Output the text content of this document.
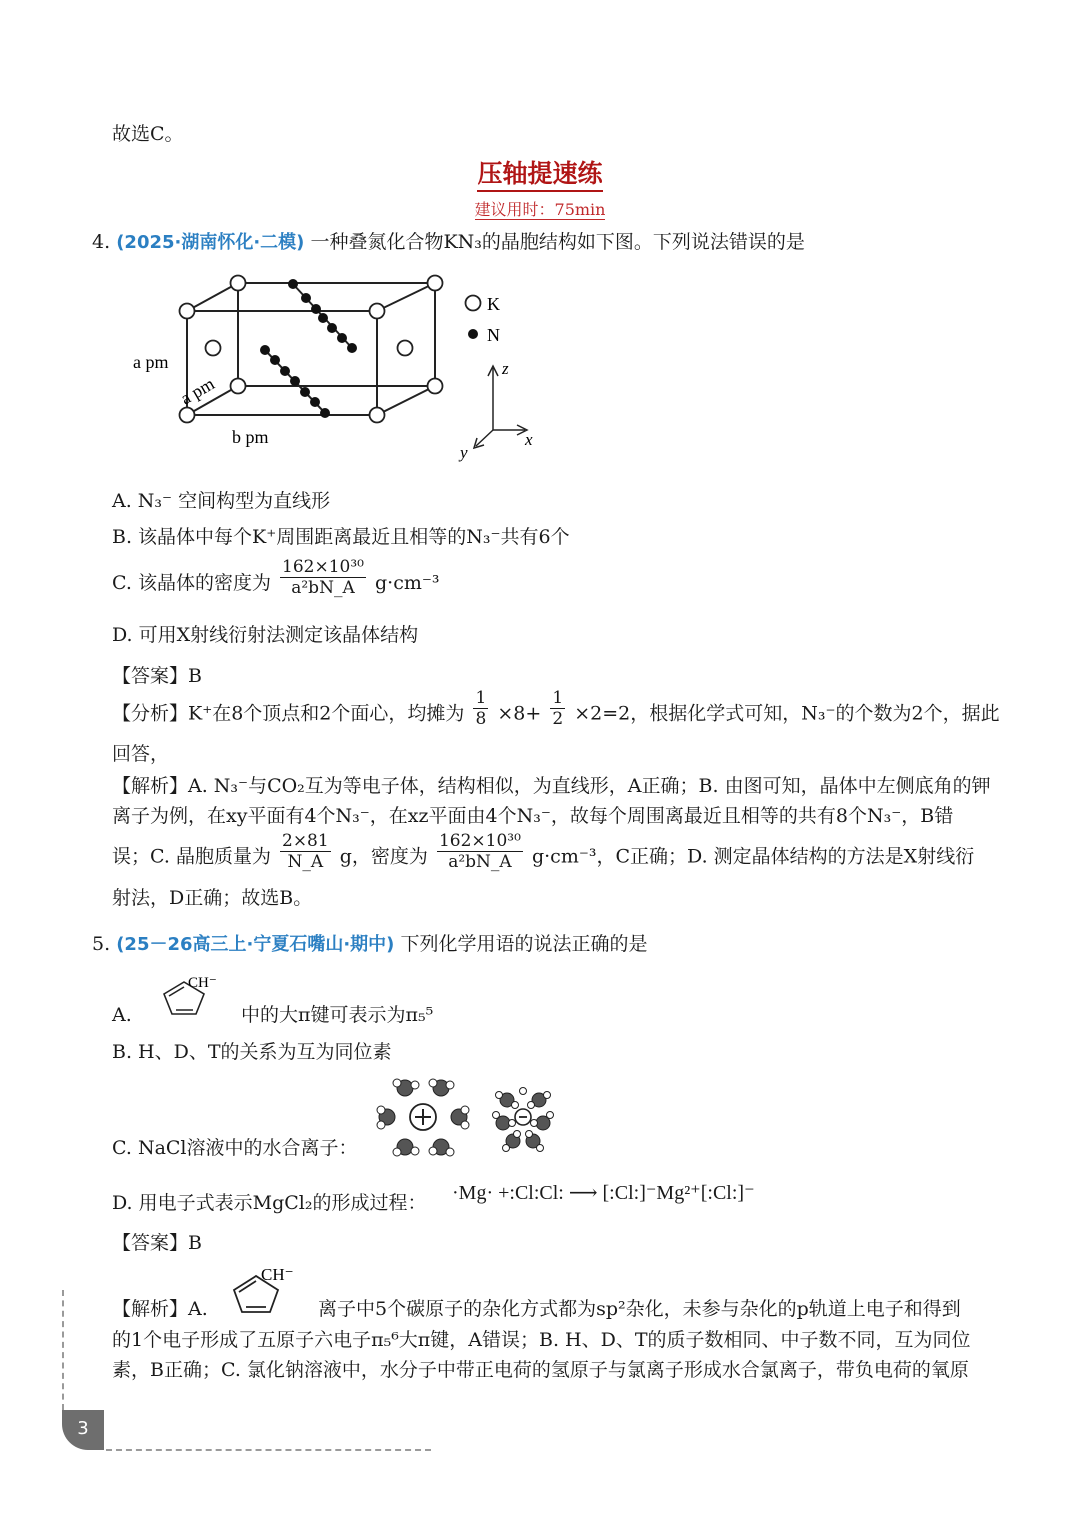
故选C。
压轴提速练
建议用时：75min
4. (2025·湖南怀化·二模) 一种叠氮化合物KN₃的晶胞结构如下图。下列说法错误的是
K
N
a pm
a pm
b pm
z
x
y
A. N₃⁻ 空间构型为直线形
B. 该晶体中每个K⁺周围距离最近且相等的N₃⁻共有6个
C. 该晶体的密度为 $\frac{\text{162×10³⁰}}{\text{a²bN\_A}} g\cdot cm^{-3}$
D. 可用X射线衍射法测定该晶体结构
【答案】B
【分析】K⁺在8个顶点和2个面心，均摊为 $\frac{1}{8} \times 8+ \frac{1}{2} \times 2=2$，根据化学式可知，N₃⁻的个数为2个，据此
回答，
【解析】A. N₃⁻与CO₂互为等电子体，结构相似，为直线形，A正确；B. 由图可知，晶体中左侧底角的钾
离子为例，在xy平面有4个N₃⁻，在xz平面由4个N₃⁻，故每个周围离最近且相等的共有8个N₃⁻，B错
误；C. 晶胞质量为 $\frac{2\times 81}{N\_A}$ g，密度为 $\frac{\text{162×10³⁰}}{\text{a²bN\_A}} g\cdot cm^{-3}$，C正确；D. 测定晶体结构的方法是X射线衍
射法，D正确；故选B。
5. (25－26高三上·宁夏石嘴山·期中) 下列化学用语的说法正确的是
A.
CH⁻
中的大π键可表示为π₅⁵
B. H、D、T的关系为互为同位素
C. NaCl溶液中的水合离子：
D. 用电子式表示MgCl₂的形成过程： ·Mg· +:Cl:Cl: ⟶ [:Cl:]⁻Mg²⁺[:Cl:]⁻
【答案】B
【解析】A.
CH⁻
离子中5个碳原子的杂化方式都为sp²杂化，未参与杂化的p轨道上电子和得到
的1个电子形成了五原子六电子π₅⁶大π键，A错误；B. H、D、T的质子数相同、中子数不同，互为同位
素，B正确；C. 氯化钠溶液中，水分子中带正电荷的氢原子与氯离子形成水合氯离子，带负电荷的氧原
3
